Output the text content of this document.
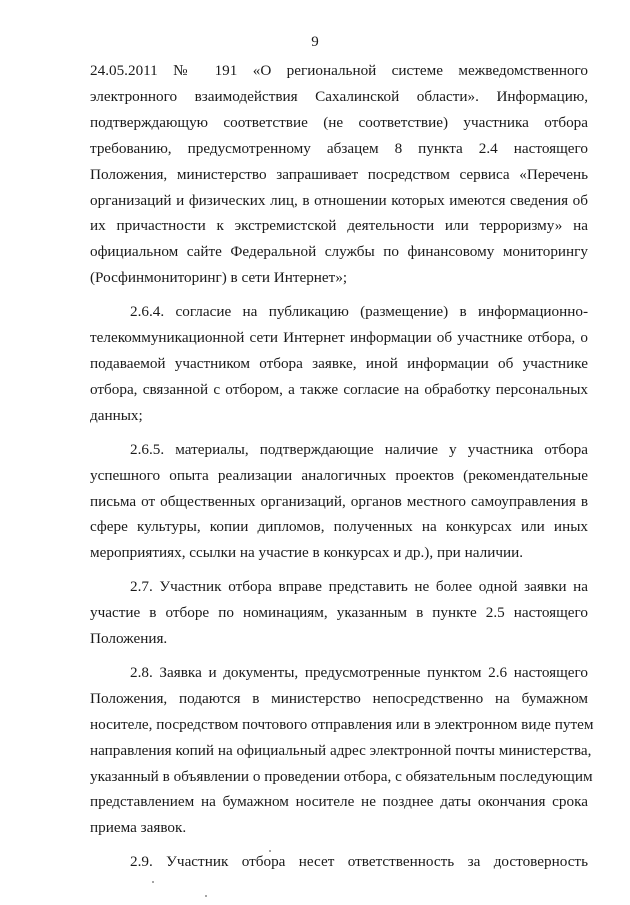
9

24.05.2011 № 191 «О региональной системе межведомственного
электронного взаимодействия Сахалинской области». Информацию,
подтверждающую соответствие (не соответствие) участника отбора
требованию, предусмотренному абзацем 8 пункта 2.4 настоящего
Положения, министерство запрашивает посредством сервиса «Перечень
организаций и физических лиц, в отношении которых имеются сведения об
их причастности к экстремистской деятельности или терроризму» на
официальном сайте Федеральной службы по финансовому мониторингу
(Росфинмониторинг) в сети Интернет»;

2.6.4. согласие на публикацию (размещение) в информационно-
телекоммуникационной сети Интернет информации об участнике отбора, о
подаваемой участником отбора заявке, иной информации об участнике
отбора, связанной с отбором, а также согласие на обработку персональных
данных;

2.6.5. материалы, подтверждающие наличие у участника отбора
успешного опыта реализации аналогичных проектов (рекомендательные
письма от общественных организаций, органов местного самоуправления в
сфере культуры, копии дипломов, полученных на конкурсах или иных
мероприятиях, ссылки на участие в конкурсах и др.), при наличии.

2.7. Участник отбора вправе представить не более одной заявки на
участие в отборе по номинациям, указанным в пункте 2.5 настоящего
Положения.

2.8. Заявка и документы, предусмотренные пунктом 2.6 настоящего
Положения, подаются в министерство непосредственно на бумажном
носителе, посредством почтового отправления или в электронном виде путем
направления копий на официальный адрес электронной почты министерства,
указанный в объявлении о проведении отбора, с обязательным последующим
представлением на бумажном носителе не позднее даты окончания срока
приема заявок.

2.9. Участник отбора несет ответственность за достоверность
